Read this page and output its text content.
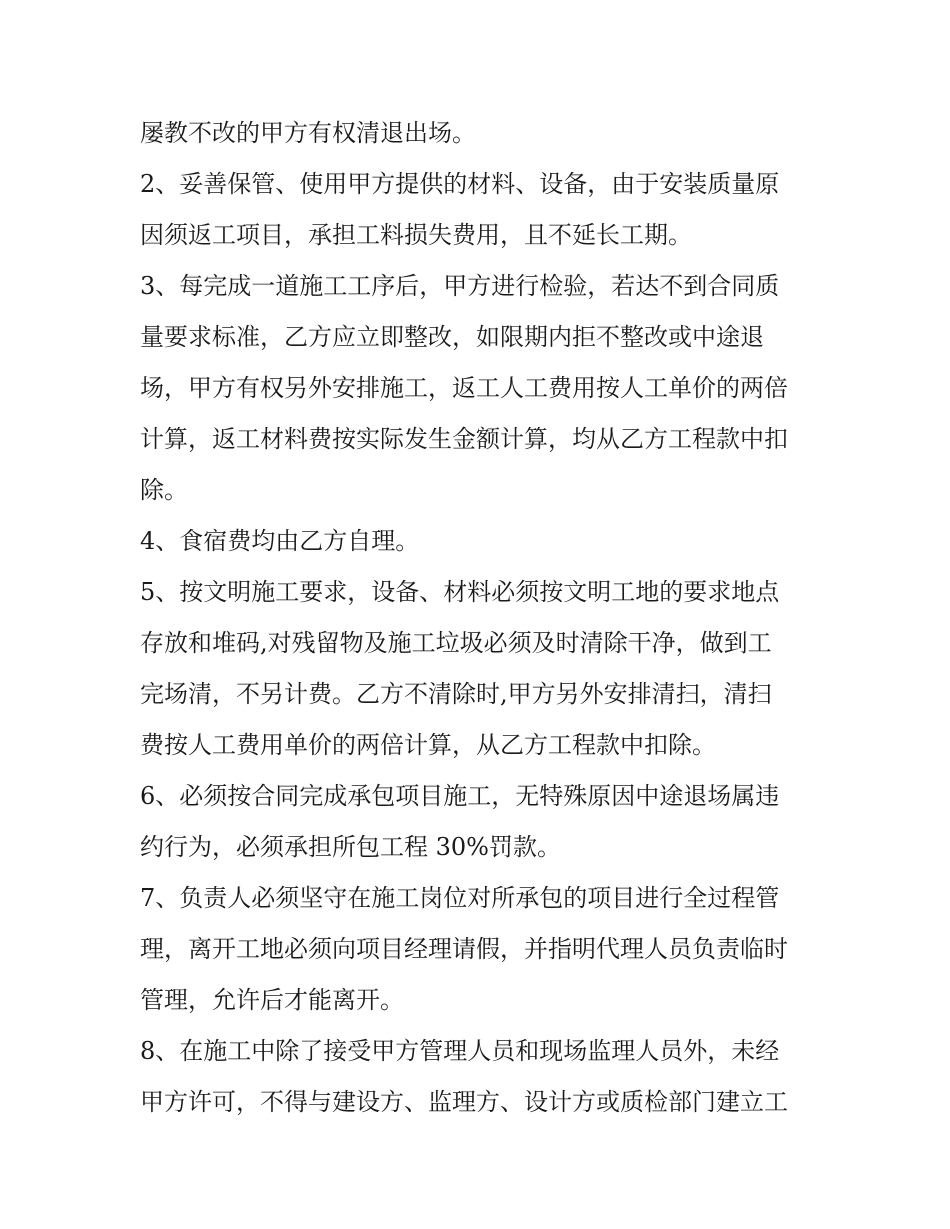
屡教不改的甲方有权清退出场。
2、妥善保管、使用甲方提供的材料、设备，由于安装质量原
因须返工项目，承担工料损失费用，且不延长工期。
3、每完成一道施工工序后，甲方进行检验，若达不到合同质
量要求标准，乙方应立即整改，如限期内拒不整改或中途退
场，甲方有权另外安排施工，返工人工费用按人工单价的两倍
计算，返工材料费按实际发生金额计算，均从乙方工程款中扣
除。
4、食宿费均由乙方自理。
5、按文明施工要求，设备、材料必须按文明工地的要求地点
存放和堆码,对残留物及施工垃圾必须及时清除干净，做到工
完场清，不另计费。乙方不清除时,甲方另外安排清扫，清扫
费按人工费用单价的两倍计算，从乙方工程款中扣除。
6、必须按合同完成承包项目施工，无特殊原因中途退场属违
约行为，必须承担所包工程 30%罚款。
7、负责人必须坚守在施工岗位对所承包的项目进行全过程管
理，离开工地必须向项目经理请假，并指明代理人员负责临时
管理，允许后才能离开。
8、在施工中除了接受甲方管理人员和现场监理人员外，未经
甲方许可，不得与建设方、监理方、设计方或质检部门建立工
